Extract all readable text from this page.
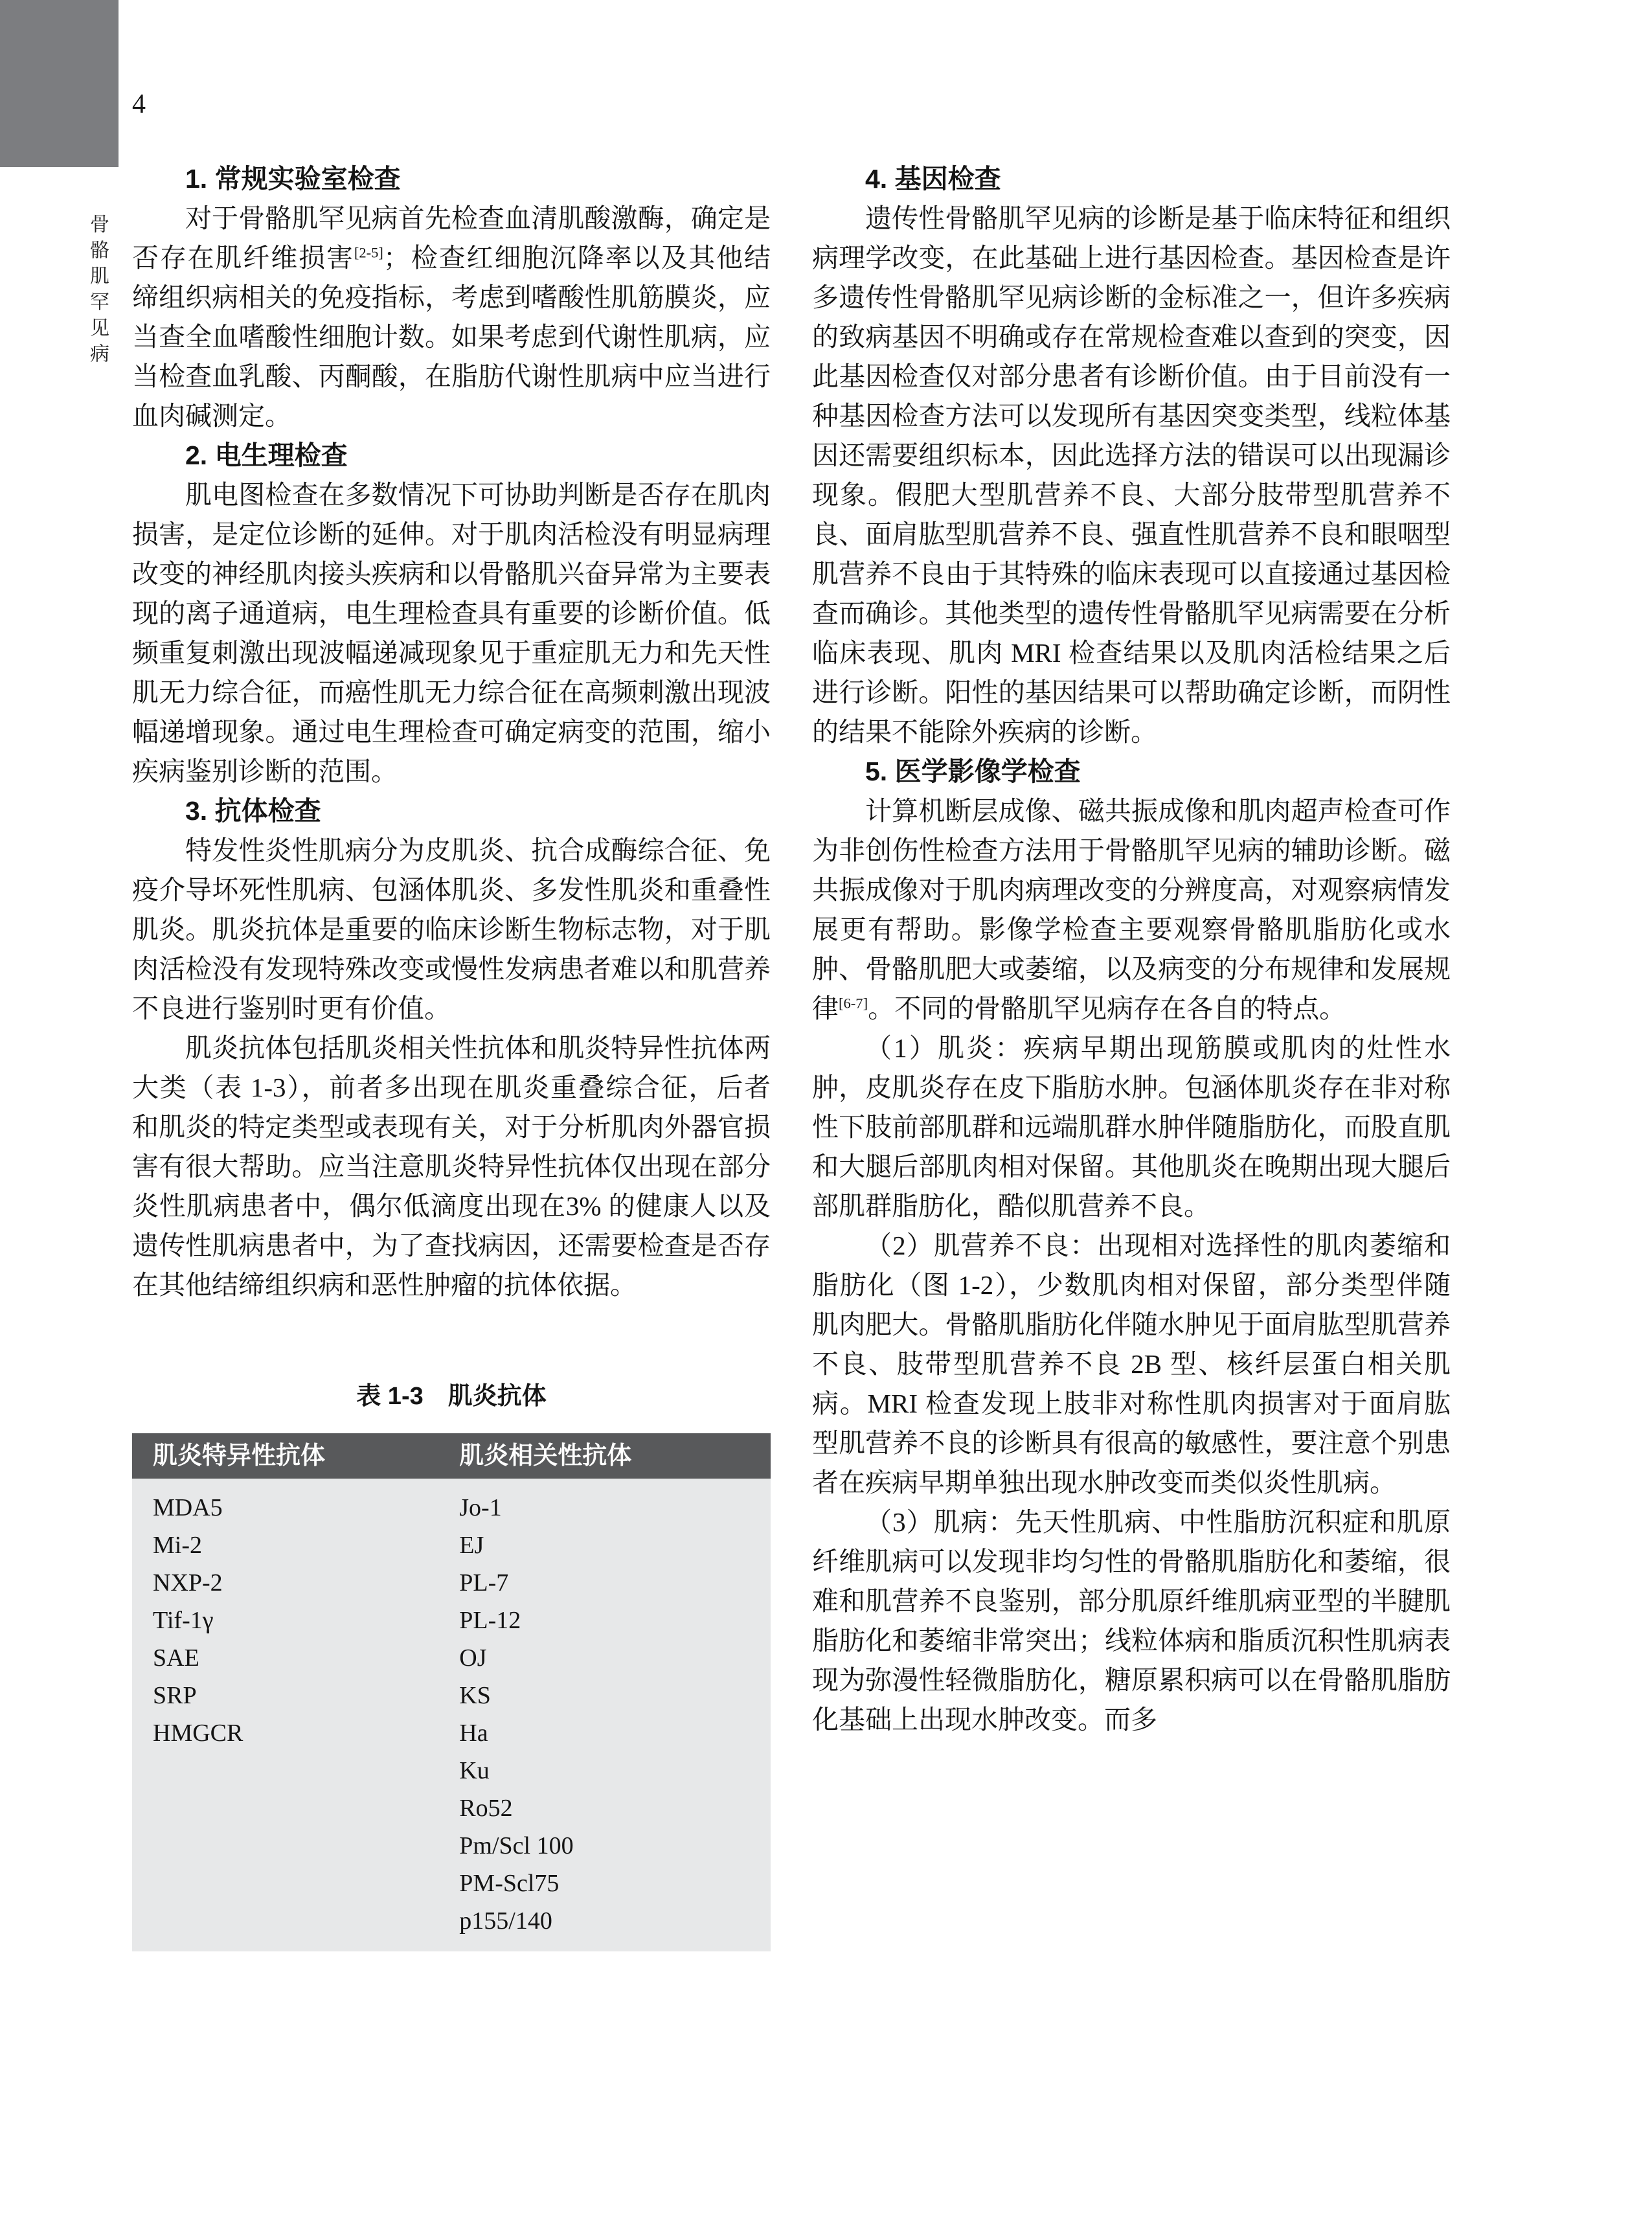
4
骨骼肌罕见病
1. 常规实验室检查

对于骨骼肌罕见病首先检查血清肌酸激酶，确定是否存在肌纤维损害[2-5]；检查红细胞沉降率以及其他结缔组织病相关的免疫指标，考虑到嗜酸性肌筋膜炎，应当查全血嗜酸性细胞计数。如果考虑到代谢性肌病，应当检查血乳酸、丙酮酸，在脂肪代谢性肌病中应当进行血肉碱测定。

2. 电生理检查

肌电图检查在多数情况下可协助判断是否存在肌肉损害，是定位诊断的延伸。对于肌肉活检没有明显病理改变的神经肌肉接头疾病和以骨骼肌兴奋异常为主要表现的离子通道病，电生理检查具有重要的诊断价值。低频重复刺激出现波幅递减现象见于重症肌无力和先天性肌无力综合征，而癌性肌无力综合征在高频刺激出现波幅递增现象。通过电生理检查可确定病变的范围，缩小疾病鉴别诊断的范围。

3. 抗体检查

特发性炎性肌病分为皮肌炎、抗合成酶综合征、免疫介导坏死性肌病、包涵体肌炎、多发性肌炎和重叠性肌炎。肌炎抗体是重要的临床诊断生物标志物，对于肌肉活检没有发现特殊改变或慢性发病患者难以和肌营养不良进行鉴别时更有价值。

肌炎抗体包括肌炎相关性抗体和肌炎特异性抗体两大类（表 1-3），前者多出现在肌炎重叠综合征，后者和肌炎的特定类型或表现有关，对于分析肌肉外器官损害有很大帮助。应当注意肌炎特异性抗体仅出现在部分炎性肌病患者中，偶尔低滴度出现在3% 的健康人以及遗传性肌病患者中，为了查找病因，还需要检查是否存在其他结缔组织病和恶性肿瘤的抗体依据。

表 1-3　肌炎抗体
肌炎特异性抗体	肌炎相关性抗体
MDA5	Jo-1
Mi-2	EJ
NXP-2	PL-7
Tif-1γ	PL-12
SAE	OJ
SRP	KS
HMGCR	Ha
	Ku
	Ro52
	Pm/Scl 100
	PM-Scl75
	p155/140
4. 基因检查

遗传性骨骼肌罕见病的诊断是基于临床特征和组织病理学改变，在此基础上进行基因检查。基因检查是许多遗传性骨骼肌罕见病诊断的金标准之一，但许多疾病的致病基因不明确或存在常规检查难以查到的突变，因此基因检查仅对部分患者有诊断价值。由于目前没有一种基因检查方法可以发现所有基因突变类型，线粒体基因还需要组织标本，因此选择方法的错误可以出现漏诊现象。假肥大型肌营养不良、大部分肢带型肌营养不良、面肩肱型肌营养不良、强直性肌营养不良和眼咽型肌营养不良由于其特殊的临床表现可以直接通过基因检查而确诊。其他类型的遗传性骨骼肌罕见病需要在分析临床表现、肌肉 MRI 检查结果以及肌肉活检结果之后进行诊断。阳性的基因结果可以帮助确定诊断，而阴性的结果不能除外疾病的诊断。

5. 医学影像学检查

计算机断层成像、磁共振成像和肌肉超声检查可作为非创伤性检查方法用于骨骼肌罕见病的辅助诊断。磁共振成像对于肌肉病理改变的分辨度高，对观察病情发展更有帮助。影像学检查主要观察骨骼肌脂肪化或水肿、骨骼肌肥大或萎缩，以及病变的分布规律和发展规律[6-7]。不同的骨骼肌罕见病存在各自的特点。

（1）肌炎：疾病早期出现筋膜或肌肉的灶性水肿，皮肌炎存在皮下脂肪水肿。包涵体肌炎存在非对称性下肢前部肌群和远端肌群水肿伴随脂肪化，而股直肌和大腿后部肌肉相对保留。其他肌炎在晚期出现大腿后部肌群脂肪化，酷似肌营养不良。

（2）肌营养不良：出现相对选择性的肌肉萎缩和脂肪化（图 1-2），少数肌肉相对保留，部分类型伴随肌肉肥大。骨骼肌脂肪化伴随水肿见于面肩肱型肌营养不良、肢带型肌营养不良 2B 型、核纤层蛋白相关肌病。MRI 检查发现上肢非对称性肌肉损害对于面肩肱型肌营养不良的诊断具有很高的敏感性，要注意个别患者在疾病早期单独出现水肿改变而类似炎性肌病。

（3）肌病：先天性肌病、中性脂肪沉积症和肌原纤维肌病可以发现非均匀性的骨骼肌脂肪化和萎缩，很难和肌营养不良鉴别，部分肌原纤维肌病亚型的半腱肌脂肪化和萎缩非常突出；线粒体病和脂质沉积性肌病表现为弥漫性轻微脂肪化，糖原累积病可以在骨骼肌脂肪化基础上出现水肿改变。而多
